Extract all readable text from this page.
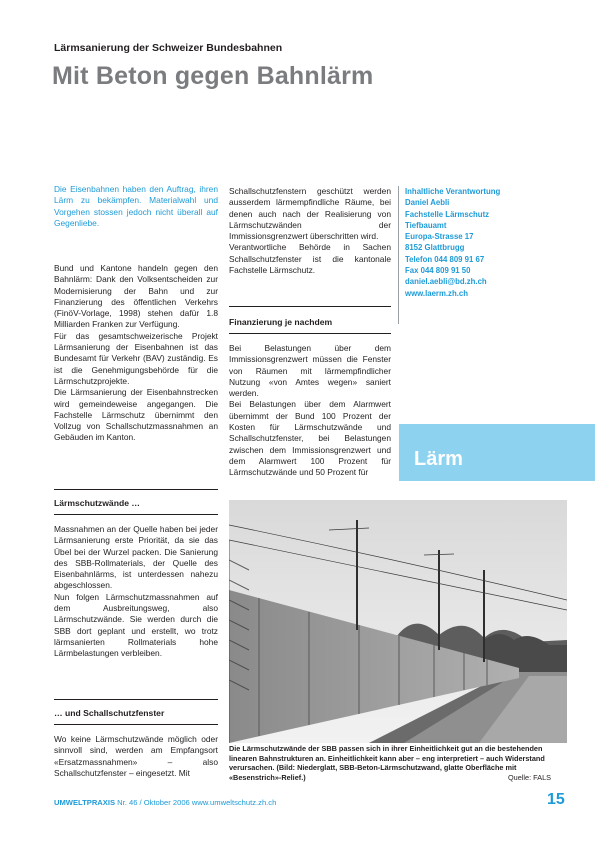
Lärmsanierung der Schweizer Bundesbahnen
Mit Beton gegen Bahnlärm

Die Eisenbahnen haben den Auftrag, ihren Lärm zu bekämpfen. Materialwahl und Vorgehen stossen jedoch nicht überall auf Gegenliebe.

Bund und Kantone handeln gegen den Bahnlärm: Dank den Volksentscheiden zur Modernisierung der Bahn und zur Finanzierung des öffentlichen Verkehrs (FinöV-Vorlage, 1998) stehen dafür 1.8 Milliarden Franken zur Verfügung.

Für das gesamtschweizerische Projekt Lärmsanierung der Eisenbahnen ist das Bundesamt für Verkehr (BAV) zuständig. Es ist die Genehmigungsbehörde für die Lärmschutzprojekte.

Die Lärmsanierung der Eisenbahnstrecken wird gemeindeweise angegangen. Die Fachstelle Lärmschutz übernimmt den Vollzug von Schallschutzmassnahmen an Gebäuden im Kanton.

Lärmschutzwände …

Massnahmen an der Quelle haben bei jeder Lärmsanierung erste Priorität, da sie das Übel bei der Wurzel packen. Die Sanierung des SBB-Rollmaterials, der Quelle des Eisenbahnlärms, ist unterdessen nahezu abgeschlossen.

Nun folgen Lärmschutzmassnahmen auf dem Ausbreitungsweg, also Lärmschutzwände. Sie werden durch die SBB dort geplant und erstellt, wo trotz lärmsanierten Rollmaterials hohe Lärmbelastungen verbleiben.

… und Schallschutzfenster

Wo keine Lärmschutzwände möglich oder sinnvoll sind, werden am Empfangsort «Ersatzmassnahmen» – also Schallschutzfenster – eingesetzt. Mit

Schallschutzfenstern geschützt werden ausserdem lärmempfindliche Räume, bei denen auch nach der Realisierung von Lärmschutzwänden der Immissionsgrenzwert überschritten wird.

Verantwortliche Behörde in Sachen Schallschutzfenster ist die kantonale Fachstelle Lärmschutz.

Finanzierung je nachdem

Bei Belastungen über dem Immissionsgrenzwert müssen die Fenster von Räumen mit lärmempfindlicher Nutzung «von Amtes wegen» saniert werden.

Bei Belastungen über dem Alarmwert übernimmt der Bund 100 Prozent der Kosten für Lärmschutzwände und Schallschutzfenster, bei Belastungen zwischen dem Immissionsgrenzwert und dem Alarmwert 100 Prozent für Lärmschutzwände und 50 Prozent für

Inhaltliche Verantwortung
Daniel Aebli
Fachstelle Lärmschutz
Tiefbauamt
Europa-Strasse 17
8152 Glattbrugg
Telefon 044 809 91 67
Fax 044 809 91 50
daniel.aebli@bd.zh.ch
www.laerm.zh.ch
Lärm
Die Lärmschutzwände der SBB passen sich in ihrer Einheitlichkeit gut an die bestehenden linearen Bahnstrukturen an. Einheitlichkeit kann aber – eng interpretiert – auch Widerstand verursachen. (Bild: Niederglatt, SBB-Beton-Lärmschutzwand, glatte Oberfläche mit «Besenstrich»-Relief.)	Quelle: FALS
UMWELTPRAXIS Nr. 46 / Oktober 2006 www.umweltschutz.zh.ch	15
